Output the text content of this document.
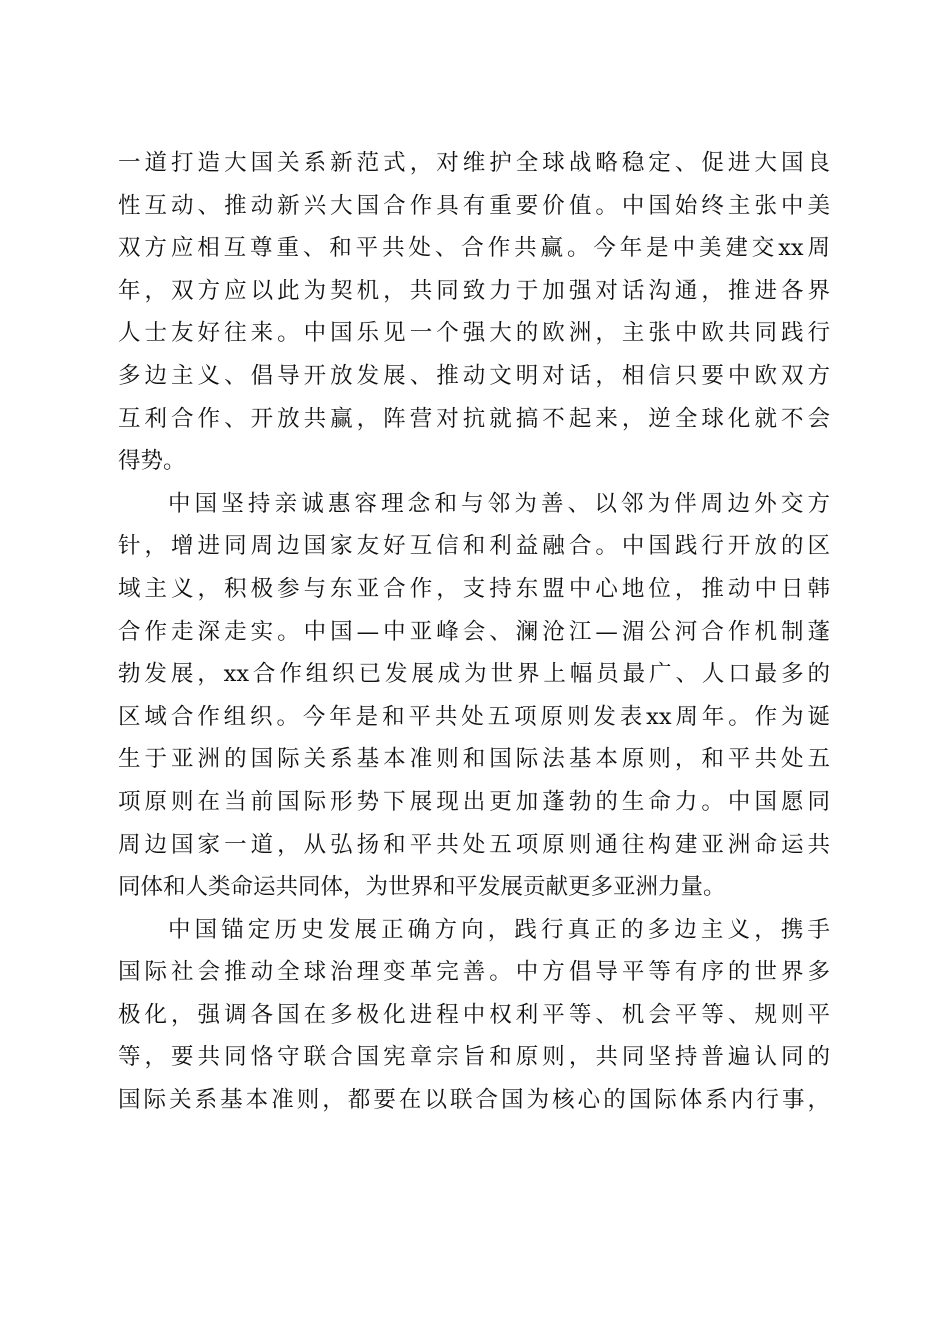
一道打造大国关系新范式，对维护全球战略稳定、促进大国良
性互动、推动新兴大国合作具有重要价值。中国始终主张中美
双方应相互尊重、和平共处、合作共赢。今年是中美建交xx周
年，双方应以此为契机，共同致力于加强对话沟通，推进各界
人士友好往来。中国乐见一个强大的欧洲，主张中欧共同践行
多边主义、倡导开放发展、推动文明对话，相信只要中欧双方
互利合作、开放共赢，阵营对抗就搞不起来，逆全球化就不会
得势。
中国坚持亲诚惠容理念和与邻为善、以邻为伴周边外交方
针，增进同周边国家友好互信和利益融合。中国践行开放的区
域主义，积极参与东亚合作，支持东盟中心地位，推动中日韩
合作走深走实。中国—中亚峰会、澜沧江—湄公河合作机制蓬
勃发展，xx合作组织已发展成为世界上幅员最广、人口最多的
区域合作组织。今年是和平共处五项原则发表xx周年。作为诞
生于亚洲的国际关系基本准则和国际法基本原则，和平共处五
项原则在当前国际形势下展现出更加蓬勃的生命力。中国愿同
周边国家一道，从弘扬和平共处五项原则通往构建亚洲命运共
同体和人类命运共同体，为世界和平发展贡献更多亚洲力量。
中国锚定历史发展正确方向，践行真正的多边主义，携手
国际社会推动全球治理变革完善。中方倡导平等有序的世界多
极化，强调各国在多极化进程中权利平等、机会平等、规则平
等，要共同恪守联合国宪章宗旨和原则，共同坚持普遍认同的
国际关系基本准则，都要在以联合国为核心的国际体系内行事，
